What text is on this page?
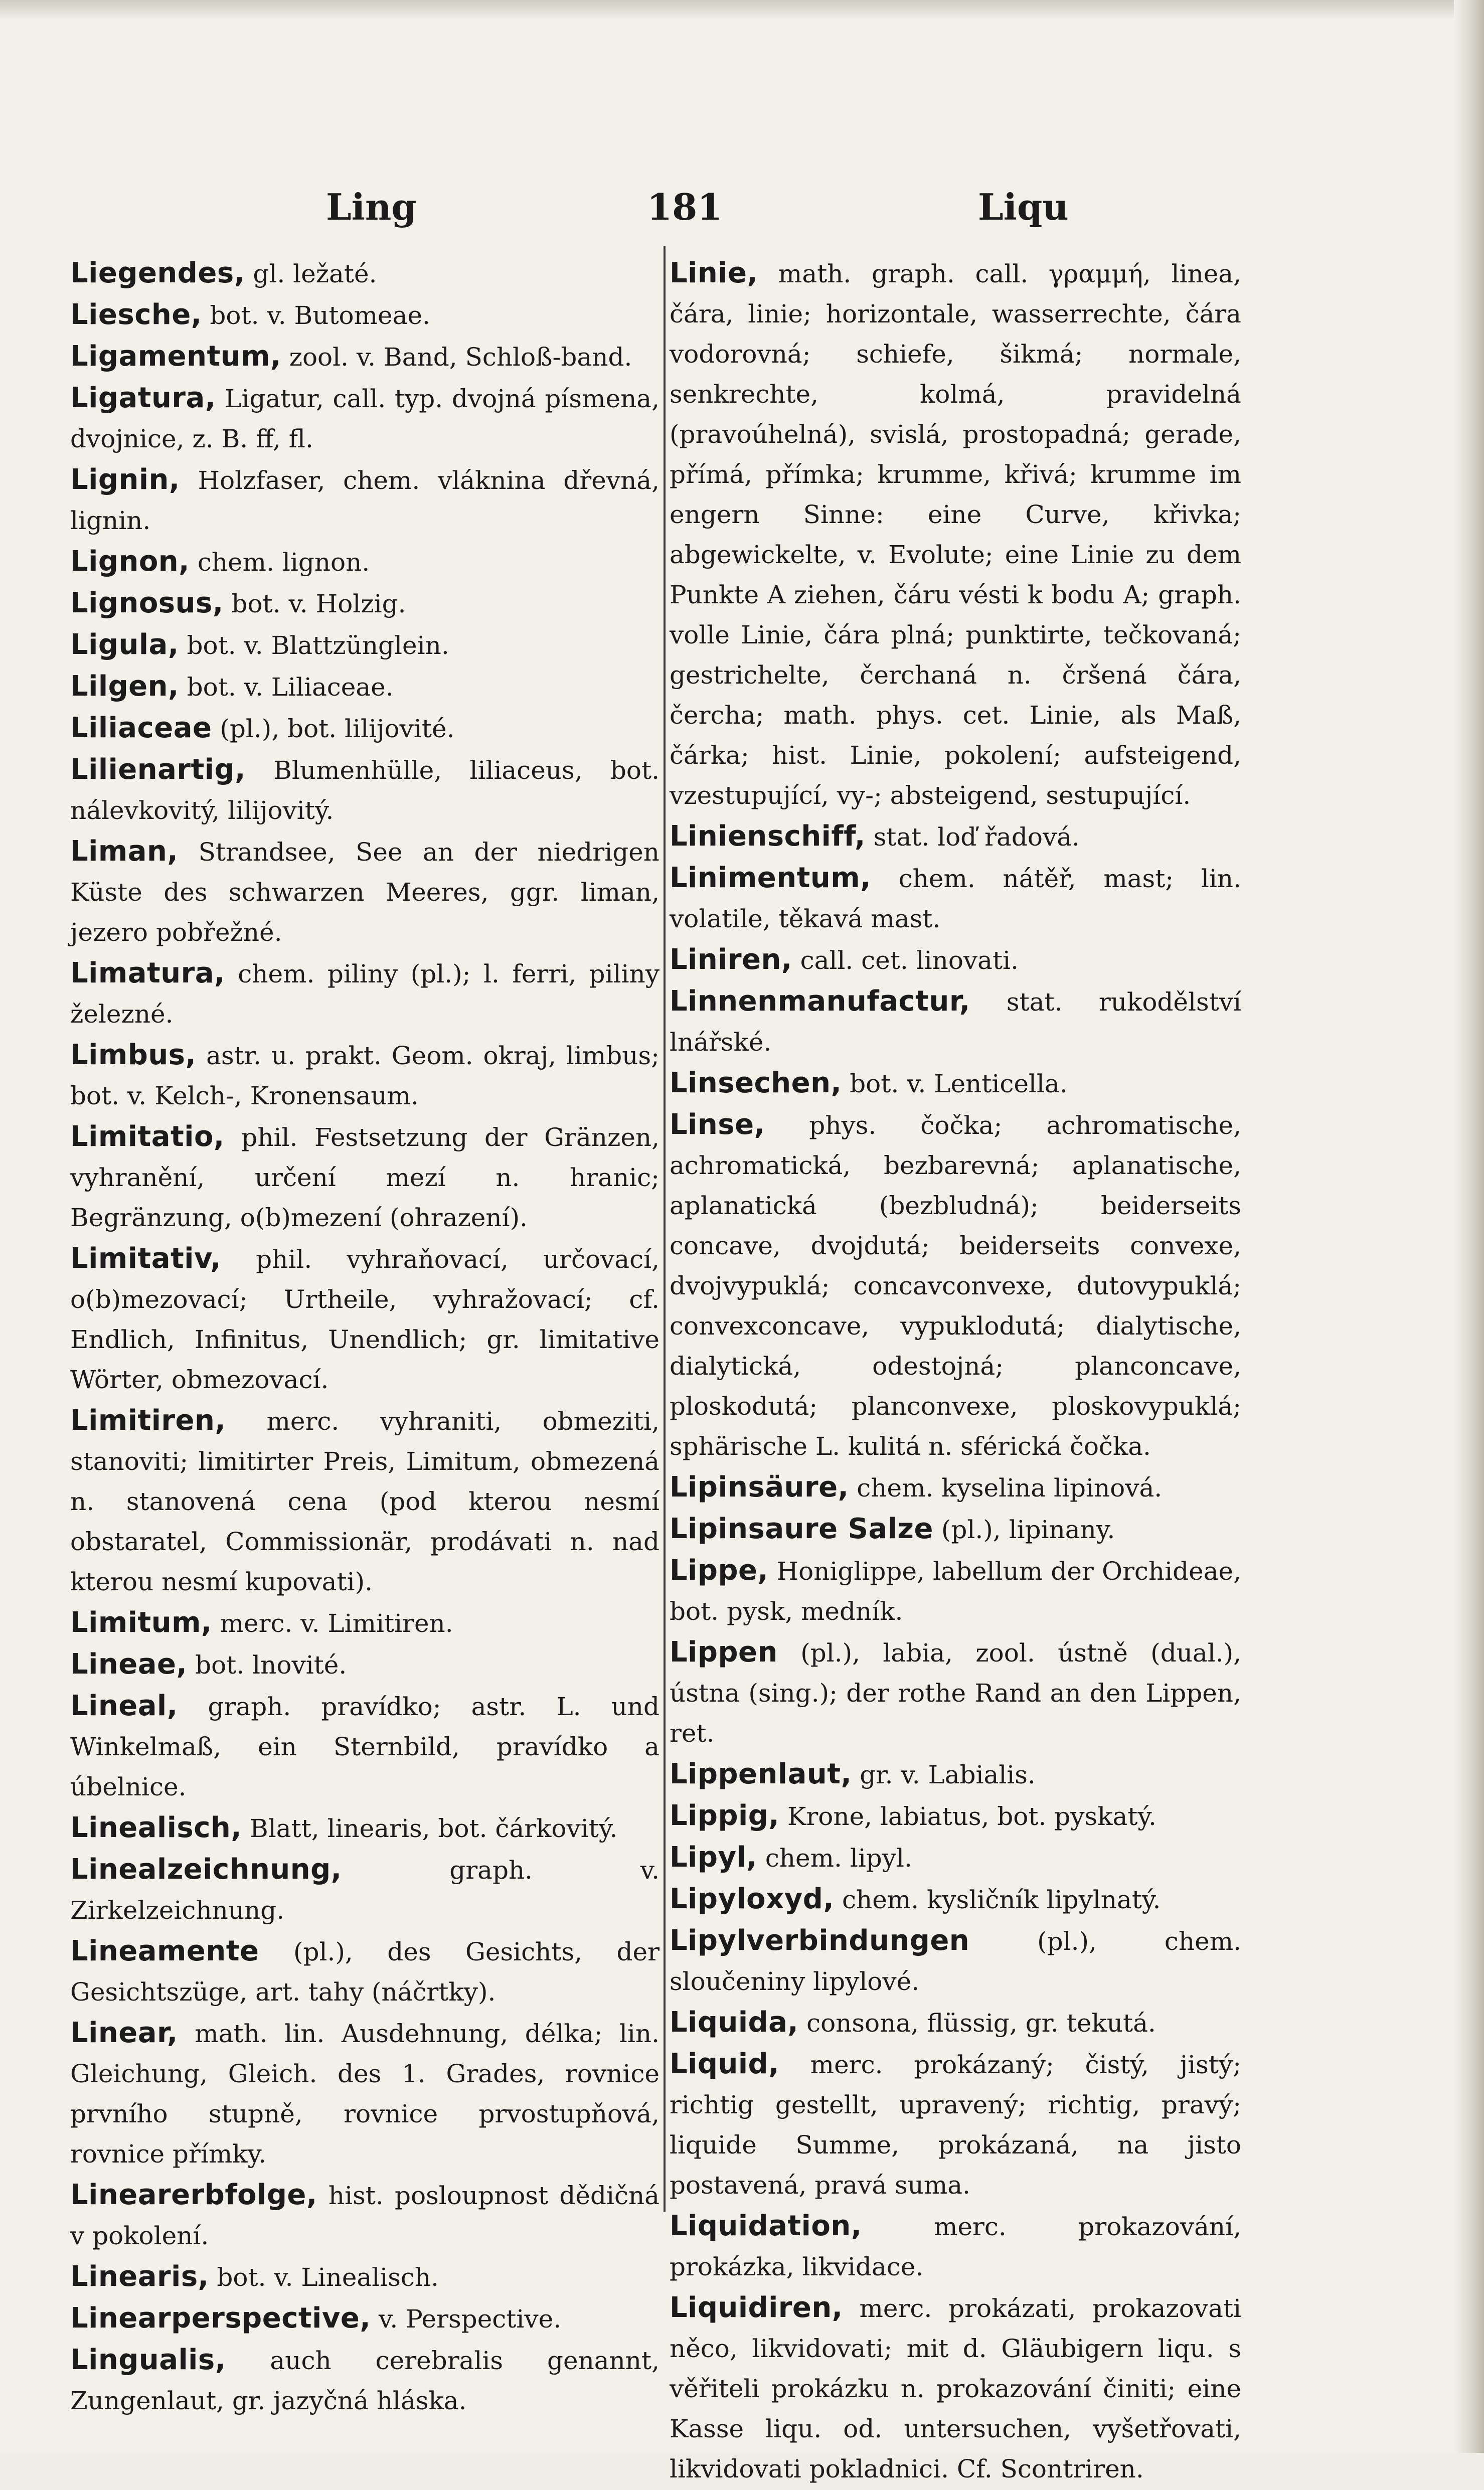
Ling	181	Liqu
Liegendes, gl. ležaté.
Liesche, bot. v. Butomeae.
Ligamentum, zool. v. Band, Schloß-band.
Ligatura, Ligatur, call. typ. dvojná písmena, dvojnice, z. B. ff, fl.
Lignin, Holzfaser, chem. vláknina dřevná, lignin.
Lignon, chem. lignon.
Lignosus, bot. v. Holzig.
Ligula, bot. v. Blattzünglein.
Lilgen, bot. v. Liliaceae.
Liliaceae (pl.), bot. lilijovité.
Lilienartig, Blumenhülle, liliaceus, bot. nálevkovitý, lilijovitý.
Liman, Strandsee, See an der niedrigen Küste des schwarzen Meeres, ggr. liman, jezero pobřežné.
Limatura, chem. piliny (pl.); l. ferri, piliny železné.
Limbus, astr. u. prakt. Geom. okraj, limbus; bot. v. Kelch-, Kronensaum.
Limitatio, phil. Festsetzung der Gränzen, vyhranění, určení mezí n. hranic; Begränzung, o(b)mezení (ohrazení).
Limitativ, phil. vyhraňovací, určovací, o(b)mezovací; Urtheile, vyhražovací; cf. Endlich, Infinitus, Unendlich; gr. limitative Wörter, obmezovací.
Limitiren, merc. vyhraniti, obmeziti, stanoviti; limitirter Preis, Limitum, obmezená n. stanovená cena (pod kterou nesmí obstaratel, Commissionär, prodávati n. nad kterou nesmí kupovati).
Limitum, merc. v. Limitiren.
Lineae, bot. lnovité.
Lineal, graph. pravídko; astr. L. und Winkelmaß, ein Sternbild, pravídko a úbelnice.
Linealisch, Blatt, linearis, bot. čárkovitý.
Linealzeichnung, graph. v. Zirkelzeichnung.
Lineamente (pl.), des Gesichts, der Gesichtszüge, art. tahy (náčrtky).
Linear, math. lin. Ausdehnung, délka; lin. Gleichung, Gleich. des 1. Grades, rovnice prvního stupně, rovnice prvostupňová, rovnice přímky.
Linearerbfolge, hist. posloupnost dědičná v pokolení.
Linearis, bot. v. Linealisch.
Linearperspective, v. Perspective.
Lingualis, auch cerebralis genannt, Zungenlaut, gr. jazyčná hláska.
Linie, math. graph. call. γραμμή, linea, čára, linie; horizontale, wasserrechte, čára vodorovná; schiefe, šikmá; normale, senkrechte, kolmá, pravidelná (pravoúhelná), svislá, prostopadná; gerade, přímá, přímka; krumme, křivá; krumme im engern Sinne: eine Curve, křivka; abgewickelte, v. Evolute; eine Linie zu dem Punkte A ziehen, čáru vésti k bodu A; graph. volle Linie, čára plná; punktirte, tečkovaná; gestrichelte, čerchaná n. čršená čára, čercha; math. phys. cet. Linie, als Maß, čárka; hist. Linie, pokolení; aufsteigend, vzestupující, vy-; absteigend, sestupující.
Linienschiff, stat. loď řadová.
Linimentum, chem. nátěř, mast; lin. volatile, těkavá mast.
Liniren, call. cet. linovati.
Linnenmanufactur, stat. rukodělství lnářské.
Linsechen, bot. v. Lenticella.
Linse, phys. čočka; achromatische, achromatická, bezbarevná; aplanatische, aplanatická (bezbludná); beiderseits concave, dvojdutá; beiderseits convexe, dvojvypuklá; concavconvexe, dutovypuklá; convexconcave, vypuklodutá; dialytische, dialytická, odestojná; planconcave, ploskodutá; planconvexe, ploskovypuklá; sphärische L. kulitá n. sférická čočka.
Lipinsäure, chem. kyselina lipinová.
Lipinsaure Salze (pl.), lipinany.
Lippe, Honiglippe, labellum der Orchideae, bot. pysk, medník.
Lippen (pl.), labia, zool. ústně (dual.), ústna (sing.); der rothe Rand an den Lippen, ret.
Lippenlaut, gr. v. Labialis.
Lippig, Krone, labiatus, bot. pyskatý.
Lipyl, chem. lipyl.
Lipyloxyd, chem. kysličník lipylnatý.
Lipylverbindungen (pl.), chem. sloučeniny lipylové.
Liquida, consona, flüssig, gr. tekutá.
Liquid, merc. prokázaný; čistý, jistý; richtig gestellt, upravený; richtig, pravý; liquide Summe, prokázaná, na jisto postavená, pravá suma.
Liquidation, merc. prokazování, prokázka, likvidace.
Liquidiren, merc. prokázati, prokazovati něco, likvidovati; mit d. Gläubigern liqu. s věřiteli prokázku n. prokazování činiti; eine Kasse liqu. od. untersuchen, vyšetřovati, likvidovati pokladnici. Cf. Scontriren.
